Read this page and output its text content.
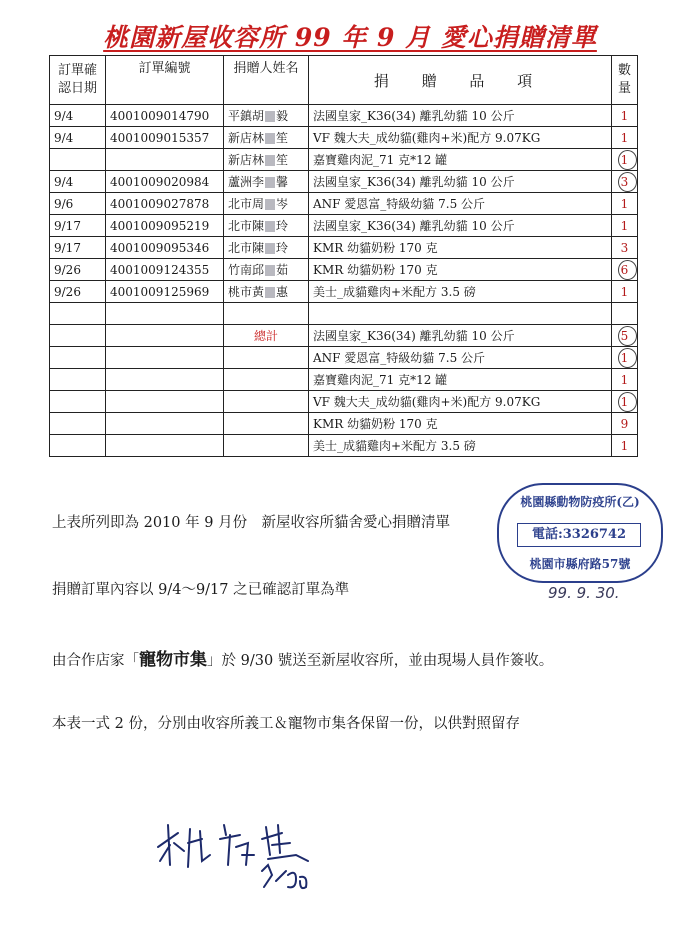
桃園新屋收容所 99 年 9 月 愛心捐贈清單
訂單確
認日期	訂單編號	捐贈人姓名	捐 贈 品 項	數
量
9/4	4001009014790	平鎮胡 毅	法國皇家_K36(34) 離乳幼貓 10 公斤	1
9/4	4001009015357	新店林 笙	VF 魏大夫_成幼貓(雞肉+米)配方 9.07KG	1
		新店林 笙	嘉寶雞肉泥_71 克*12 罐	1

9/4	4001009020984	蘆洲李 馨	法國皇家_K36(34) 離乳幼貓 10 公斤	3

9/6	4001009027878	北市周 岑	ANF 愛恩富_特級幼貓 7.5 公斤	1
9/17	4001009095219	北市陳 玲	法國皇家_K36(34) 離乳幼貓 10 公斤	1
9/17	4001009095346	北市陳 玲	KMR 幼貓奶粉 170 克	3
9/26	4001009124355	竹南邱 茹	KMR 幼貓奶粉 170 克	6

9/26	4001009125969	桃市黃 惠	美士_成貓雞肉+米配方 3.5 磅	1

		總計	法國皇家_K36(34) 離乳幼貓 10 公斤	5

			ANF 愛恩富_特級幼貓 7.5 公斤	1

			嘉寶雞肉泥_71 克*12 罐	1
			VF 魏大夫_成幼貓(雞肉+米)配方 9.07KG	1

			KMR 幼貓奶粉 170 克	9
			美士_成貓雞肉+米配方 3.5 磅	1
上表所列即為 2010 年 9 月份　新屋收容所貓舍愛心捐贈清單
捐贈訂單內容以 9/4～9/17 之已確認訂單為準
由合作店家「寵物市集」於 9/30 號送至新屋收容所，並由現場人員作簽收。
本表一式 2 份，分別由收容所義工＆寵物市集各保留一份，以供對照留存
桃園縣動物防疫所(乙)
電話:3326742
桃園市縣府路57號
99. 9. 30.
9/30
